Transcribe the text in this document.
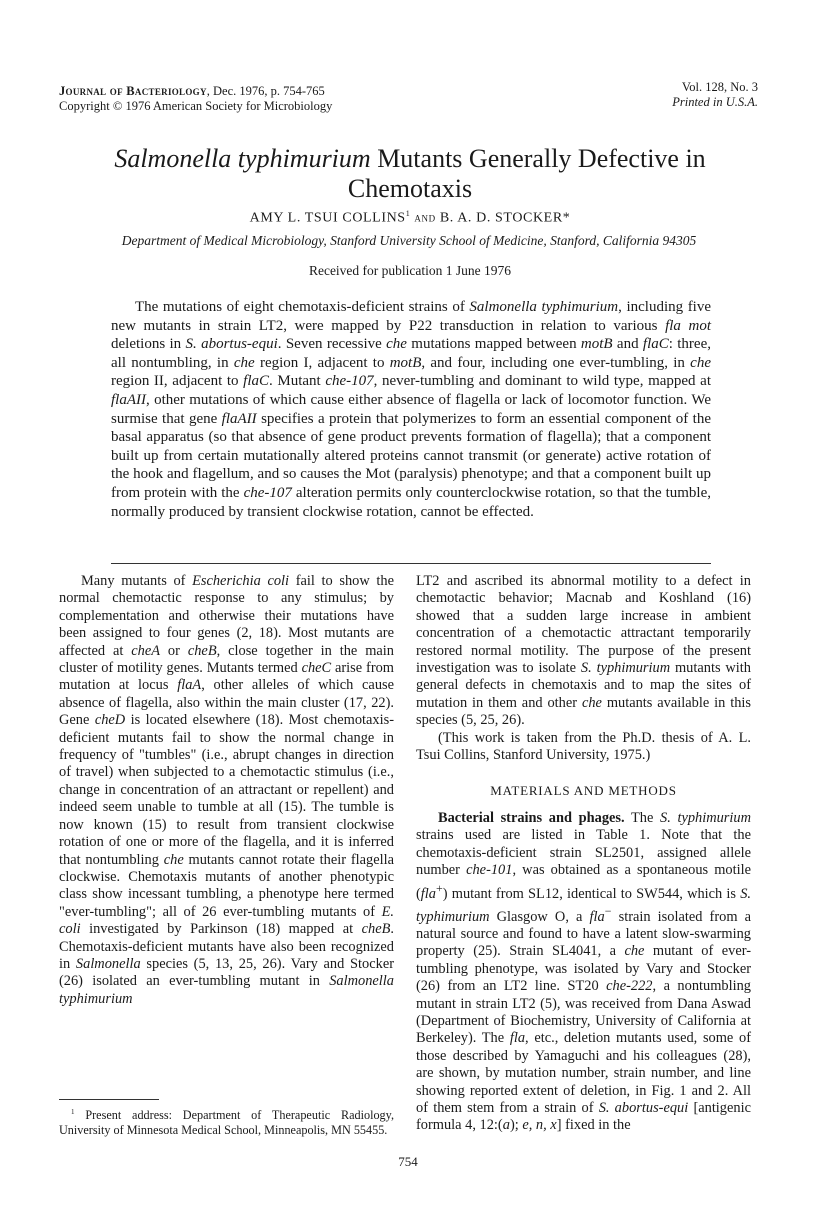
Journal of Bacteriology, Dec. 1976, p. 754-765
Copyright © 1976 American Society for Microbiology
Vol. 128, No. 3
Printed in U.S.A.
Salmonella typhimurium Mutants Generally Defective in Chemotaxis
AMY L. TSUI COLLINS$^1$ and B. A. D. STOCKER*
Department of Medical Microbiology, Stanford University School of Medicine, Stanford, California 94305
Received for publication 1 June 1976

The mutations of eight chemotaxis-deficient strains of Salmonella typhimurium, including five new mutants in strain LT2, were mapped by P22 transduction in relation to various fla mot deletions in S. abortus-equi. Seven recessive che mutations mapped between motB and flaC: three, all nontumbling, in che region I, adjacent to motB, and four, including one ever-tumbling, in che region II, adjacent to flaC. Mutant che-107, never-tumbling and dominant to wild type, mapped at flaAII, other mutations of which cause either absence of flagella or lack of locomotor function. We surmise that gene flaAII specifies a protein that polymerizes to form an essential component of the basal apparatus (so that absence of gene product prevents formation of flagella); that a component built up from certain mutationally altered proteins cannot transmit (or generate) active rotation of the hook and flagellum, and so causes the Mot (paralysis) phenotype; and that a component built up from protein with the che-107 alteration permits only counterclockwise rotation, so that the tumble, normally produced by transient clockwise rotation, cannot be effected.

Many mutants of Escherichia coli fail to show the normal chemotactic response to any stimulus; by complementation and otherwise their mutations have been assigned to four genes (2, 18). Most mutants are affected at cheA or cheB, close together in the main cluster of motility genes. Mutants termed cheC arise from mutation at locus flaA, other alleles of which cause absence of flagella, also within the main cluster (17, 22). Gene cheD is located elsewhere (18). Most chemotaxis-deficient mutants fail to show the normal change in frequency of "tumbles" (i.e., abrupt changes in direction of travel) when subjected to a chemotactic stimulus (i.e., change in concentration of an attractant or repellent) and indeed seem unable to tumble at all (15). The tumble is now known (15) to result from transient clockwise rotation of one or more of the flagella, and it is inferred that nontumbling che mutants cannot rotate their flagella clockwise. Chemotaxis mutants of another phenotypic class show incessant tumbling, a phenotype here termed "ever-tumbling"; all of 26 ever-tumbling mutants of E. coli investigated by Parkinson (18) mapped at cheB. Chemotaxis-deficient mutants have also been recognized in Salmonella species (5, 13, 25, 26). Vary and Stocker (26) isolated an ever-tumbling mutant in Salmonella typhimurium

$^1$ Present address: Department of Therapeutic Radiology, University of Minnesota Medical School, Minneapolis, MN 55455.

LT2 and ascribed its abnormal motility to a defect in chemotactic behavior; Macnab and Koshland (16) showed that a sudden large increase in ambient concentration of a chemotactic attractant temporarily restored normal motility. The purpose of the present investigation was to isolate S. typhimurium mutants with general defects in chemotaxis and to map the sites of mutation in them and other che mutants available in this species (5, 25, 26).

(This work is taken from the Ph.D. thesis of A. L. Tsui Collins, Stanford University, 1975.)

MATERIALS AND METHODS

Bacterial strains and phages. The S. typhimurium strains used are listed in Table 1. Note that the chemotaxis-deficient strain SL2501, assigned allele number che-101, was obtained as a spontaneous motile (fla+) mutant from SL12, identical to SW544, which is S. typhimurium Glasgow O, a fla− strain isolated from a natural source and found to have a latent slow-swarming property (25). Strain SL4041, a che mutant of ever-tumbling phenotype, was isolated by Vary and Stocker (26) from an LT2 line. ST20 che-222, a nontumbling mutant in strain LT2 (5), was received from Dana Aswad (Department of Biochemistry, University of California at Berkeley). The fla, etc., deletion mutants used, some of those described by Yamaguchi and his colleagues (28), are shown, by mutation number, strain number, and line showing reported extent of deletion, in Fig. 1 and 2. All of them stem from a strain of S. abortus-equi [antigenic formula 4, 12:(a); e, n, x] fixed in the

754
